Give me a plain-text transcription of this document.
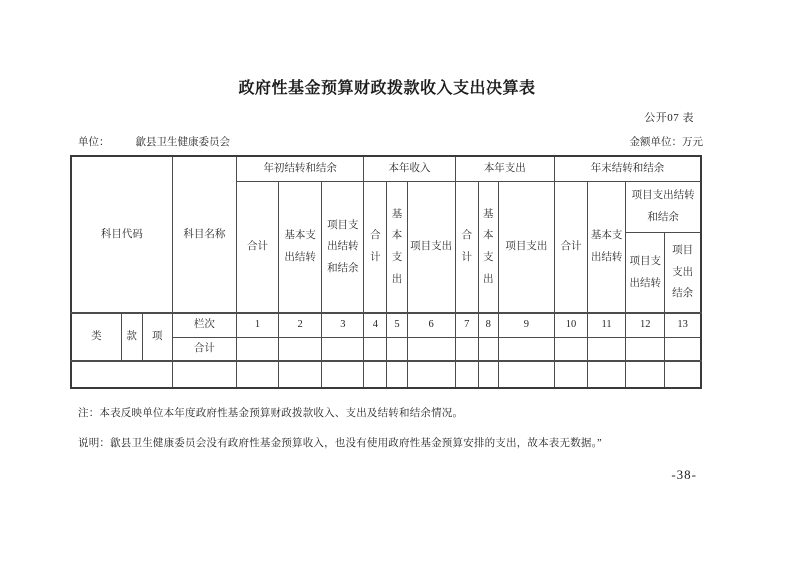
政府性基金预算财政拨款收入支出决算表
公开07 表
单位： 歙县卫生健康委员会	金额单位：万元
科目代码			科目名称	年初结转和结余			本年收入			本年支出			年末结转和结余			
				合计	基本支出结转	项目支出结转和结余	合计	基本支出	项目支出	合计	基本支出	项目支出	合计	基本支出结转	项目支出结转和结余	
															项目支出结转	项目支出结余
类	款	项	栏次	1	2	3	4	5	6	7	8	9	10	11	12	13
			合计													

注：本表反映单位本年度政府性基金预算财政拨款收入、支出及结转和结余情况。
说明：歙县卫生健康委员会没有政府性基金预算收入，也没有使用政府性基金预算安排的支出，故本表无数据。”
-38-
